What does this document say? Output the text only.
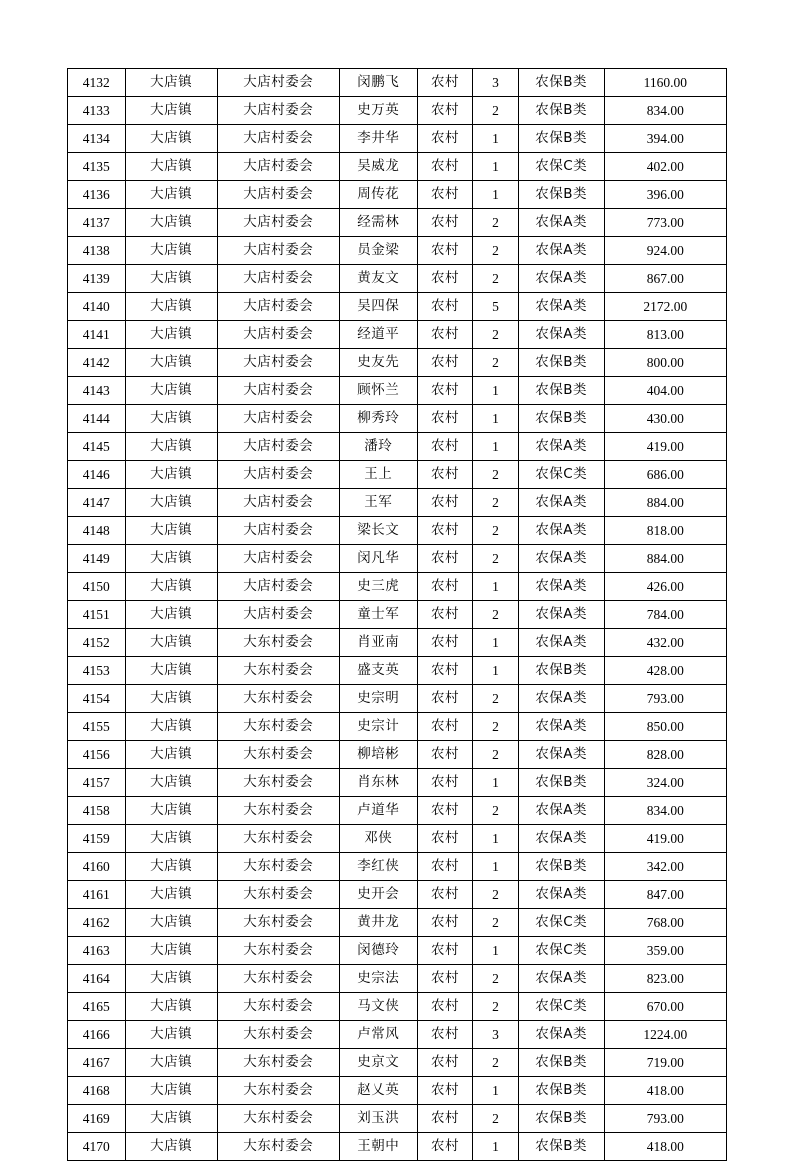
4132	大店镇	大店村委会	闵鹏飞	农村	3	农保B类	1160.00
4133	大店镇	大店村委会	史万英	农村	2	农保B类	834.00
4134	大店镇	大店村委会	李井华	农村	1	农保B类	394.00
4135	大店镇	大店村委会	吴威龙	农村	1	农保C类	402.00
4136	大店镇	大店村委会	周传花	农村	1	农保B类	396.00
4137	大店镇	大店村委会	经需林	农村	2	农保A类	773.00
4138	大店镇	大店村委会	员金梁	农村	2	农保A类	924.00
4139	大店镇	大店村委会	黄友文	农村	2	农保A类	867.00
4140	大店镇	大店村委会	吴四保	农村	5	农保A类	2172.00
4141	大店镇	大店村委会	经道平	农村	2	农保A类	813.00
4142	大店镇	大店村委会	史友先	农村	2	农保B类	800.00
4143	大店镇	大店村委会	顾怀兰	农村	1	农保B类	404.00
4144	大店镇	大店村委会	柳秀玲	农村	1	农保B类	430.00
4145	大店镇	大店村委会	潘玲	农村	1	农保A类	419.00
4146	大店镇	大店村委会	王上	农村	2	农保C类	686.00
4147	大店镇	大店村委会	王军	农村	2	农保A类	884.00
4148	大店镇	大店村委会	梁长文	农村	2	农保A类	818.00
4149	大店镇	大店村委会	闵凡华	农村	2	农保A类	884.00
4150	大店镇	大店村委会	史三虎	农村	1	农保A类	426.00
4151	大店镇	大店村委会	童士军	农村	2	农保A类	784.00
4152	大店镇	大东村委会	肖亚南	农村	1	农保A类	432.00
4153	大店镇	大东村委会	盛支英	农村	1	农保B类	428.00
4154	大店镇	大东村委会	史宗明	农村	2	农保A类	793.00
4155	大店镇	大东村委会	史宗计	农村	2	农保A类	850.00
4156	大店镇	大东村委会	柳培彬	农村	2	农保A类	828.00
4157	大店镇	大东村委会	肖东林	农村	1	农保B类	324.00
4158	大店镇	大东村委会	卢道华	农村	2	农保A类	834.00
4159	大店镇	大东村委会	邓侠	农村	1	农保A类	419.00
4160	大店镇	大东村委会	李红侠	农村	1	农保B类	342.00
4161	大店镇	大东村委会	史开会	农村	2	农保A类	847.00
4162	大店镇	大东村委会	黄井龙	农村	2	农保C类	768.00
4163	大店镇	大东村委会	闵德玲	农村	1	农保C类	359.00
4164	大店镇	大东村委会	史宗法	农村	2	农保A类	823.00
4165	大店镇	大东村委会	马文侠	农村	2	农保C类	670.00
4166	大店镇	大东村委会	卢常风	农村	3	农保A类	1224.00
4167	大店镇	大东村委会	史京文	农村	2	农保B类	719.00
4168	大店镇	大东村委会	赵乂英	农村	1	农保B类	418.00
4169	大店镇	大东村委会	刘玉洪	农村	2	农保B类	793.00
4170	大店镇	大东村委会	王朝中	农村	1	农保B类	418.00
